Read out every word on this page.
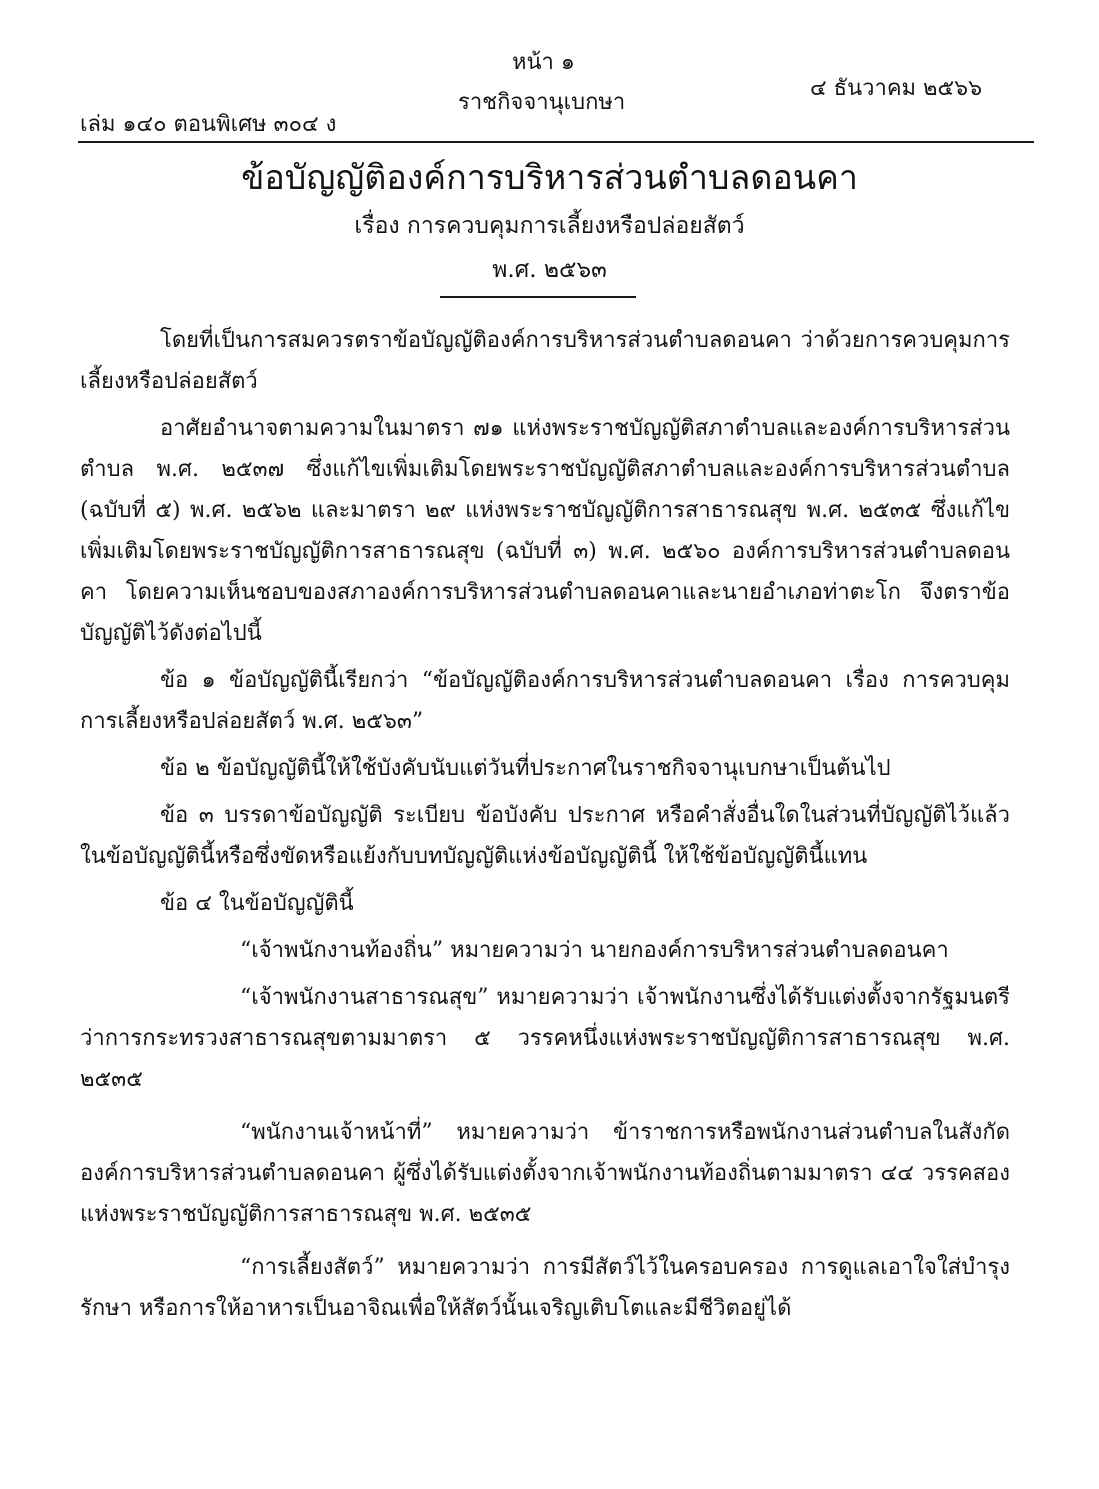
หน้า ๑
เล่ม ๑๔๐ ตอนพิเศษ ๓๐๔ ง
ราชกิจจานุเบกษา
๔ ธันวาคม ๒๕๖๖
ข้อบัญญัติองค์การบริหารส่วนตำบลดอนคา
เรื่อง การควบคุมการเลี้ยงหรือปล่อยสัตว์
พ.ศ. ๒๕๖๓

โดยที่เป็นการสมควรตราข้อบัญญัติองค์การบริหารส่วนตำบลดอนคา ว่าด้วยการควบคุมการเลี้ยงหรือปล่อยสัตว์

อาศัยอำนาจตามความในมาตรา ๗๑ แห่งพระราชบัญญัติสภาตำบลและองค์การบริหารส่วนตำบล พ.ศ. ๒๕๓๗ ซึ่งแก้ไขเพิ่มเติมโดยพระราชบัญญัติสภาตำบลและองค์การบริหารส่วนตำบล (ฉบับที่ ๕) พ.ศ. ๒๕๖๒ และมาตรา ๒๙ แห่งพระราชบัญญัติการสาธารณสุข พ.ศ. ๒๕๓๕ ซึ่งแก้ไขเพิ่มเติมโดยพระราชบัญญัติการสาธารณสุข (ฉบับที่ ๓) พ.ศ. ๒๕๖๐ องค์การบริหารส่วนตำบลดอนคา โดยความเห็นชอบของสภาองค์การบริหารส่วนตำบลดอนคาและนายอำเภอท่าตะโก จึงตราข้อบัญญัติไว้ดังต่อไปนี้

ข้อ ๑ ข้อบัญญัตินี้เรียกว่า “ข้อบัญญัติองค์การบริหารส่วนตำบลดอนคา เรื่อง การควบคุมการเลี้ยงหรือปล่อยสัตว์ พ.ศ. ๒๕๖๓”

ข้อ ๒ ข้อบัญญัตินี้ให้ใช้บังคับนับแต่วันที่ประกาศในราชกิจจานุเบกษาเป็นต้นไป

ข้อ ๓ บรรดาข้อบัญญัติ ระเบียบ ข้อบังคับ ประกาศ หรือคำสั่งอื่นใดในส่วนที่บัญญัติไว้แล้วในข้อบัญญัตินี้หรือซึ่งขัดหรือแย้งกับบทบัญญัติแห่งข้อบัญญัตินี้ ให้ใช้ข้อบัญญัตินี้แทน

ข้อ ๔ ในข้อบัญญัตินี้

“เจ้าพนักงานท้องถิ่น” หมายความว่า นายกองค์การบริหารส่วนตำบลดอนคา

“เจ้าพนักงานสาธารณสุข” หมายความว่า เจ้าพนักงานซึ่งได้รับแต่งตั้งจากรัฐมนตรีว่าการกระทรวงสาธารณสุขตามมาตรา ๕ วรรคหนึ่งแห่งพระราชบัญญัติการสาธารณสุข พ.ศ. ๒๕๓๕

“พนักงานเจ้าหน้าที่” หมายความว่า ข้าราชการหรือพนักงานส่วนตำบลในสังกัดองค์การบริหารส่วนตำบลดอนคา ผู้ซึ่งได้รับแต่งตั้งจากเจ้าพนักงานท้องถิ่นตามมาตรา ๔๔ วรรคสอง แห่งพระราชบัญญัติการสาธารณสุข พ.ศ. ๒๕๓๕

“การเลี้ยงสัตว์” หมายความว่า การมีสัตว์ไว้ในครอบครอง การดูแลเอาใจใส่บำรุงรักษา หรือการให้อาหารเป็นอาจิณเพื่อให้สัตว์นั้นเจริญเติบโตและมีชีวิตอยู่ได้
